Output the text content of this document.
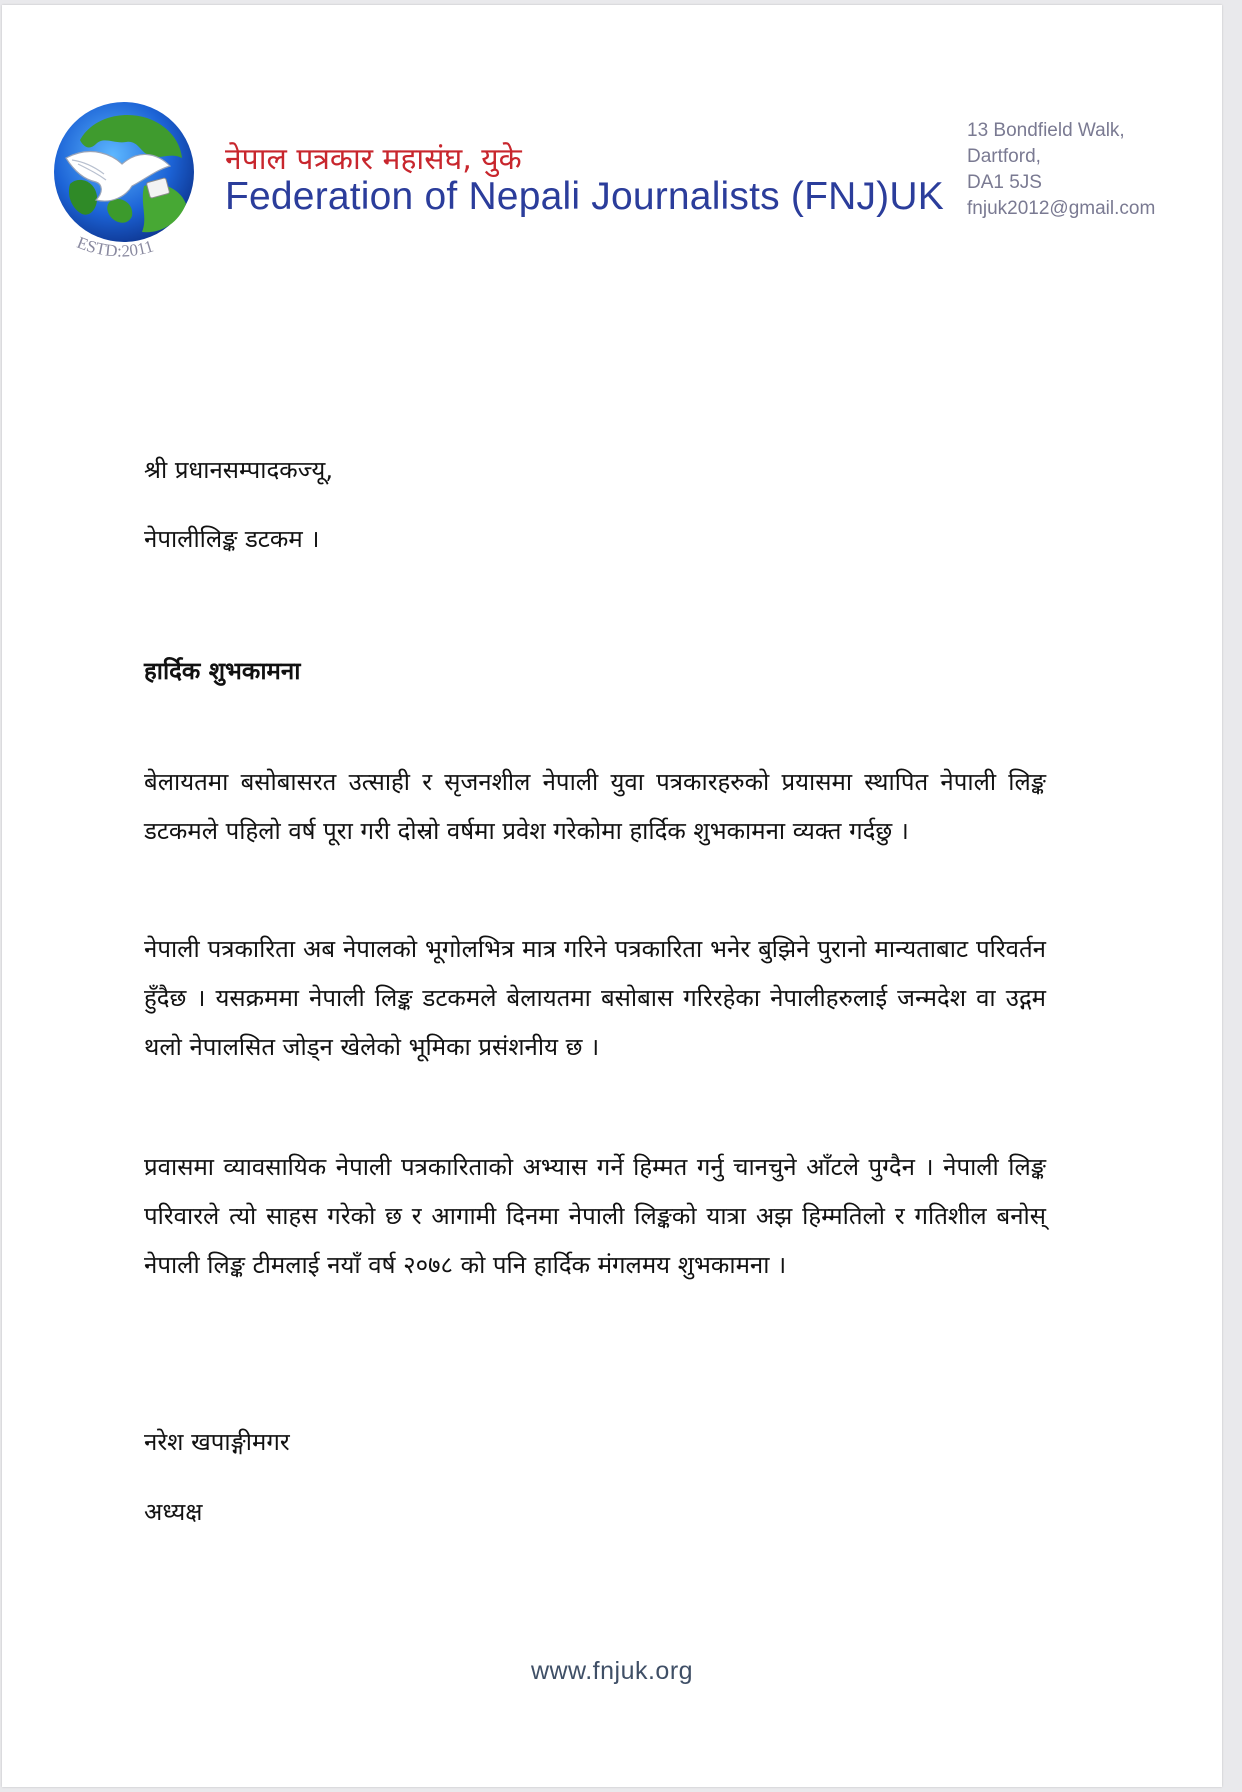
ESTD:2011
नेपाल पत्रकार महासंघ, युके
Federation of Nepali Journalists (FNJ)UK
13 Bondfield Walk,
Dartford,
DA1 5JS
fnjuk2012@gmail.com
श्री प्रधानसम्पादकज्यू,
नेपालीलिङ्क डटकम ।
हार्दिक शुभकामना

बेलायतमा बसोबासरत उत्साही र सृजनशील नेपाली युवा पत्रकारहरुको प्रयासमा स्थापित नेपाली लिङ्क डटकमले पहिलो वर्ष पूरा गरी दोस्रो वर्षमा प्रवेश गरेकोमा हार्दिक शुभकामना व्यक्त गर्दछु ।

नेपाली पत्रकारिता अब नेपालको भूगोलभित्र मात्र गरिने पत्रकारिता भनेर बुझिने पुरानो मान्यताबाट परिवर्तन हुँदैछ । यसक्रममा नेपाली लिङ्क डटकमले बेलायतमा बसोबास गरिरहेका नेपालीहरुलाई जन्मदेश वा उद्गम थलो नेपालसित जोड्न खेलेको भूमिका प्रसंशनीय छ ।

प्रवासमा व्यावसायिक नेपाली पत्रकारिताको अभ्यास गर्ने हिम्मत गर्नु चानचुने आँटले पुग्दैन । नेपाली लिङ्क परिवारले त्यो साहस गरेको छ र आगामी दिनमा नेपाली लिङ्कको यात्रा अझ हिम्मतिलो र गतिशील बनोस् नेपाली लिङ्क टीमलाई नयाँ वर्ष २०७८ को पनि हार्दिक मंगलमय शुभकामना ।

नरेश खपाङ्गीमगर
अध्यक्ष
www.fnjuk.org
